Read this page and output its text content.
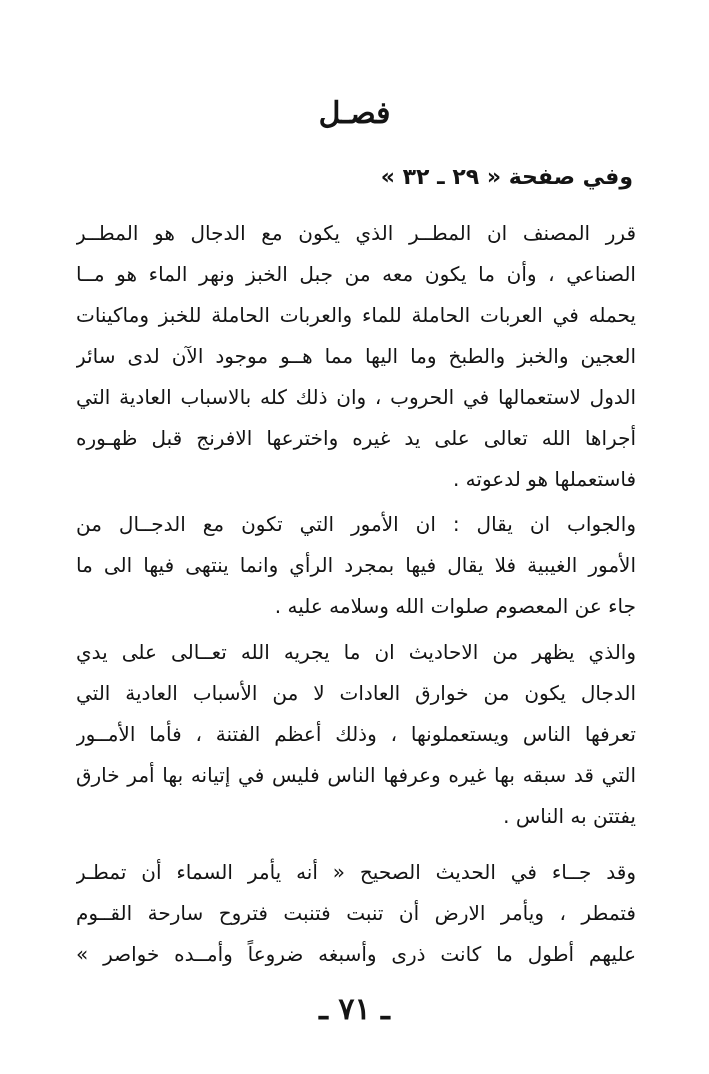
فصـل
وفي صفحة « ٢٩ ـ ٣٢ »
قرر المصنف ان المطــر الذي يكون مع الدجال هو المطــر
الصناعي ، وأن ما يكون معه من جبل الخبز ونهر الماء هو مــا
يحمله في العربات الحاملة للماء والعربات الحاملة للخبز وماكينات
العجين والخبز والطبخ وما اليها مما هــو موجود الآن لدى سائر
الدول لاستعمالها في الحروب ، وان ذلك كله بالاسباب العادية التي
أجراها الله تعالى على يد غيره واخترعها الافرنج قبل ظهـوره
فاستعملها هو لدعوته .
والجواب ان يقال : ان الأمور التي تكون مع الدجــال من
الأمور الغيبية فلا يقال فيها بمجرد الرأي وانما ينتهى فيها الى ما
جاء عن المعصوم صلوات الله وسلامه عليه .
والذي يظهر من الاحاديث ان ما يجريه الله تعــالى على يدي
الدجال يكون من خوارق العادات لا من الأسباب العادية التي
تعرفها الناس ويستعملونها ، وذلك أعظم الفتنة ، فأما الأمــور
التي قد سبقه بها غيره وعرفها الناس فليس في إتيانه بها أمر خارق
يفتتن به الناس .
وقد جــاء في الحديث الصحيح « أنه يأمر السماء أن تمطـر
فتمطر ، ويأمر الارض أن تنبت فتنبت فتروح سارحة القــوم
عليهم أطول ما كانت ذرى وأسبغه ضروعاً وأمــده خواصر »
ـ ٧١ ـ
